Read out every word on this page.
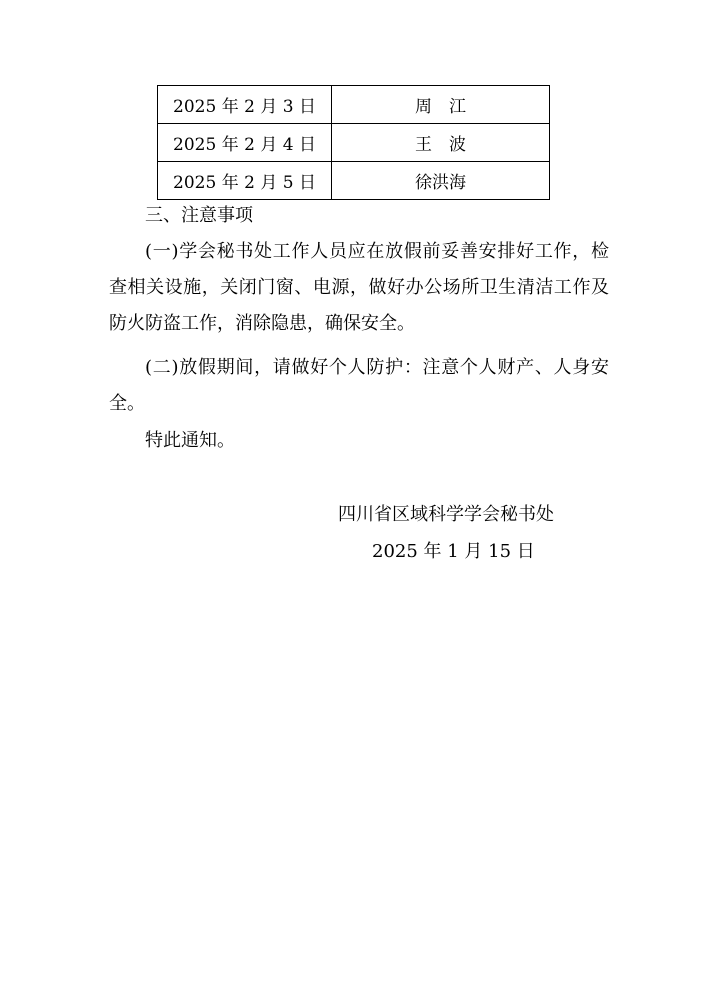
2025 年 2 月 3 日	周　江
2025 年 2 月 4 日	王　波
2025 年 2 月 5 日	徐洪海

三、注意事项

(一)学会秘书处工作人员应在放假前妥善安排好工作，检查相关设施，关闭门窗、电源，做好办公场所卫生清洁工作及防火防盗工作，消除隐患，确保安全。

(二)放假期间，请做好个人防护：注意个人财产、人身安全。

特此通知。

四川省区域科学学会秘书处

2025 年 1 月 15 日
